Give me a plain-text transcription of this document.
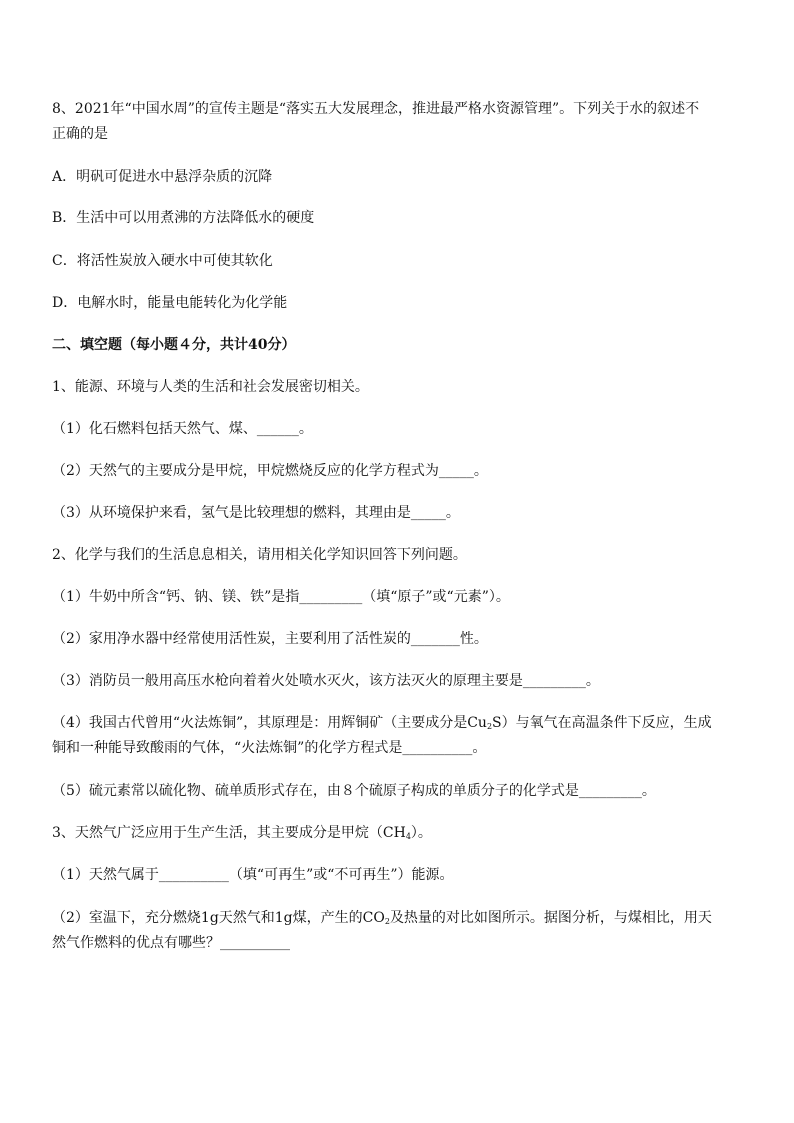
8、2021年“中国水周”的宣传主题是“落实五大发展理念，推进最严格水资源管理”。下列关于水的叙述不
正确的是
A．明矾可促进水中悬浮杂质的沉降
B．生活中可以用煮沸的方法降低水的硬度
C．将活性炭放入硬水中可使其软化
D．电解水时，能量电能转化为化学能
二、填空题（每小题４分，共计40分）
1、能源、环境与人类的生活和社会发展密切相关。
（1）化石燃料包括天然气、煤、______。
（2）天然气的主要成分是甲烷，甲烷燃烧反应的化学方程式为_____。
（3）从环境保护来看，氢气是比较理想的燃料，其理由是_____。
2、化学与我们的生活息息相关，请用相关化学知识回答下列问题。
（1）牛奶中所含“钙、钠、镁、铁”是指_________（填“原子”或“元素”）。
（2）家用净水器中经常使用活性炭，主要利用了活性炭的_______性。
（3）消防员一般用高压水枪向着着火处喷水灭火，该方法灭火的原理主要是_________。
（4）我国古代曾用“火法炼铜”，其原理是：用辉铜矿（主要成分是$Cu_2S$）与氧气在高温条件下反应，生成
铜和一种能导致酸雨的气体，“火法炼铜”的化学方程式是__________。
（5）硫元素常以硫化物、硫单质形式存在，由８个硫原子构成的单质分子的化学式是_________。
3、天然气广泛应用于生产生活，其主要成分是甲烷$(CH_4)$。
（1）天然气属于__________（填“可再生”或“不可再生”）能源。
（2）室温下，充分燃烧1g天然气和1g煤，产生的$CO_2$及热量的对比如图所示。据图分析，与煤相比，用天
然气作燃料的优点有哪些？__________
